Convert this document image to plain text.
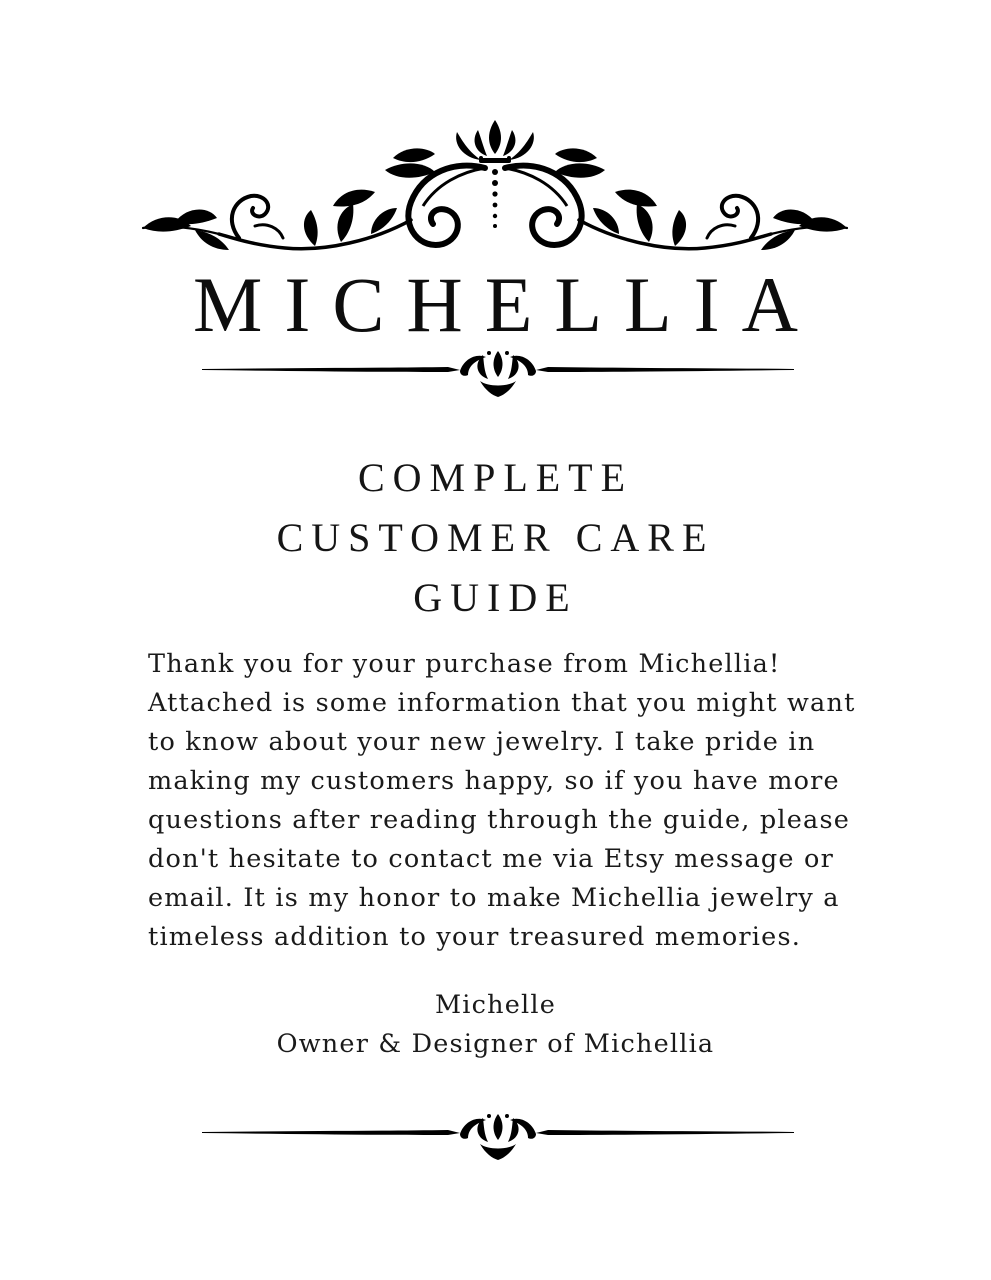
MICHELLIA
COMPLETE
CUSTOMER CARE
GUIDE

Thank you for your purchase from Michellia! Attached is some information that you might want to know about your new jewelry. I take pride in making my customers happy, so if you have more questions after reading through the guide, please don't hesitate to contact me via Etsy message or email. It is my honor to make Michellia jewelry a timeless addition to your treasured memories.

Michelle
Owner & Designer of Michellia
